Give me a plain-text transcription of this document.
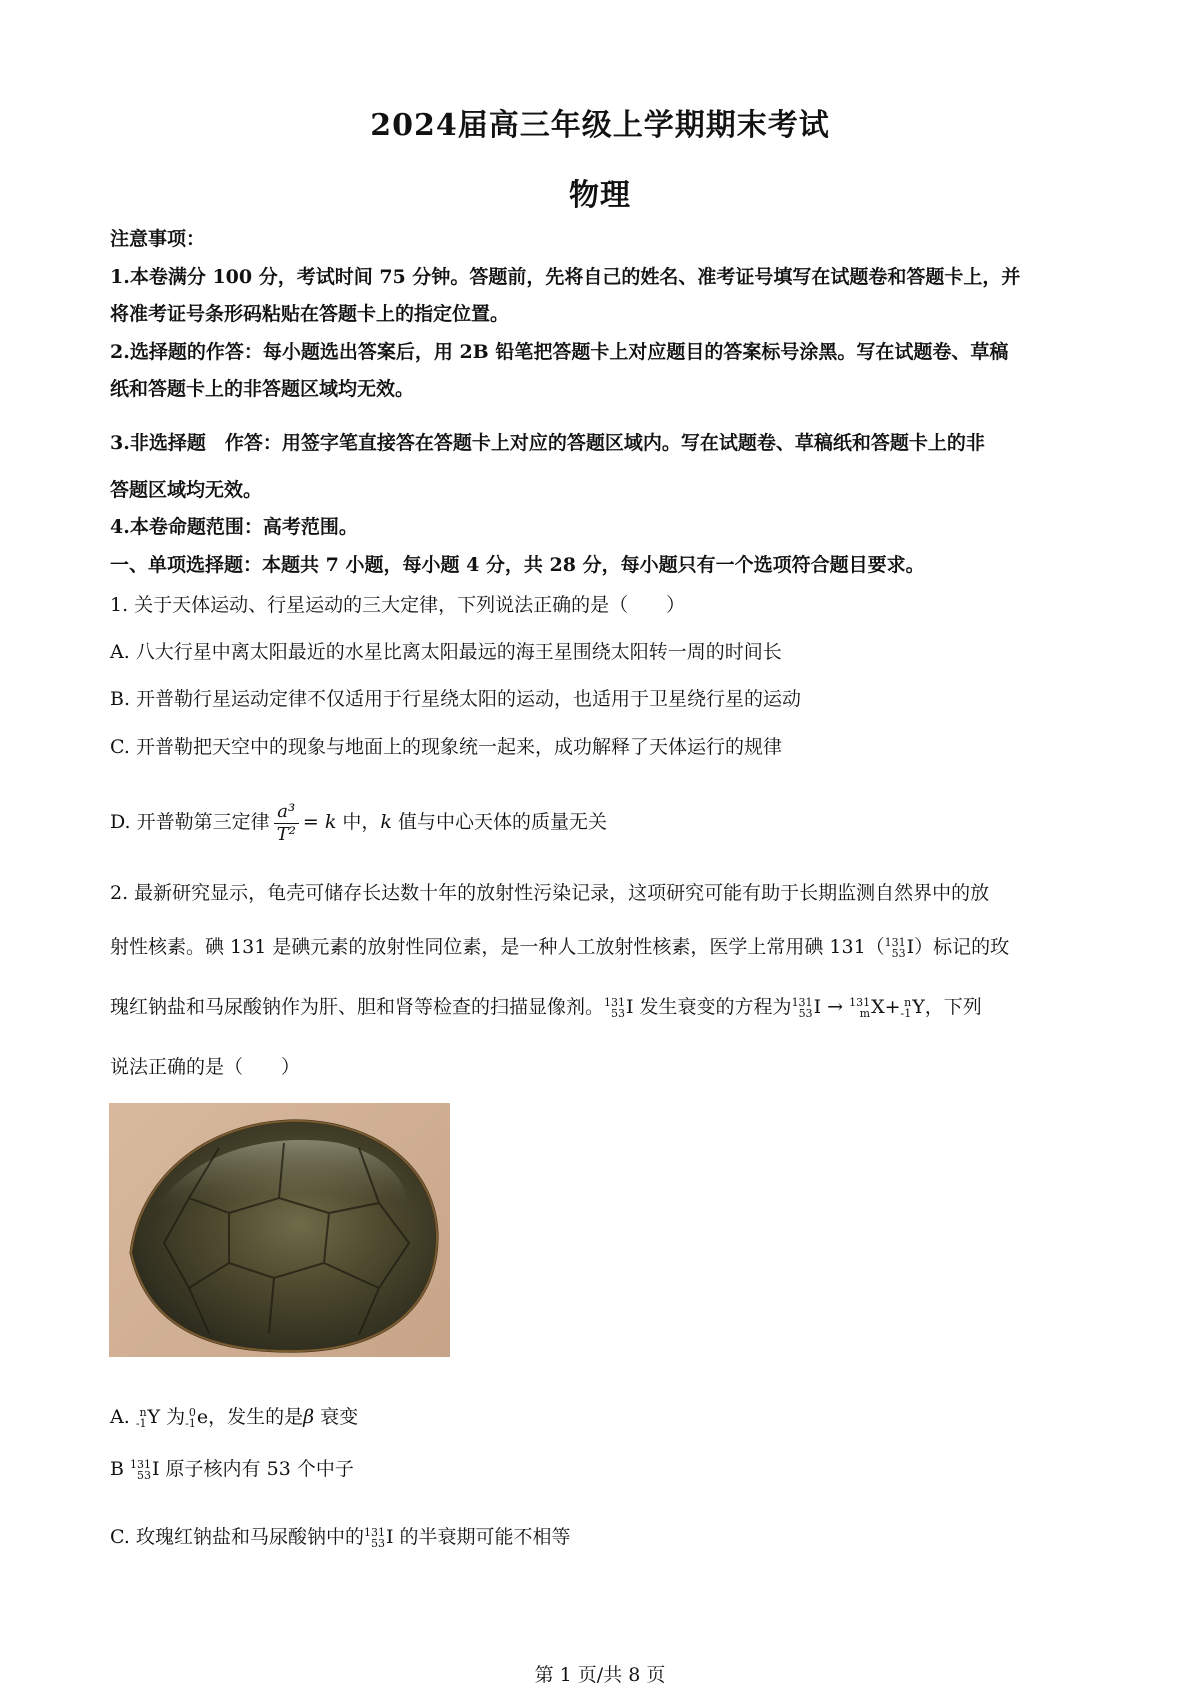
2024届高三年级上学期期末考试
物理
注意事项：
1.本卷满分 100 分，考试时间 75 分钟。答题前，先将自己的姓名、准考证号填写在试题卷和答题卡上，并
将准考证号条形码粘贴在答题卡上的指定位置。
2.选择题的作答：每小题选出答案后，用 2B 铅笔把答题卡上对应题目的答案标号涂黑。写在试题卷、草稿
纸和答题卡上的非答题区域均无效。
3.非选择题　作答：用签字笔直接答在答题卡上对应的答题区域内。写在试题卷、草稿纸和答题卡上的非
答题区域均无效。
4.本卷命题范围：高考范围。
一、单项选择题：本题共 7 小题，每小题 4 分，共 28 分，每小题只有一个选项符合题目要求。
1. 关于天体运动、行星运动的三大定律，下列说法正确的是（　　）
A. 八大行星中离太阳最近的水星比离太阳最远的海王星围绕太阳转一周的时间长
B. 开普勒行星运动定律不仅适用于行星绕太阳的运动，也适用于卫星绕行星的运动
C. 开普勒把天空中的现象与地面上的现象统一起来，成功解释了天体运行的规律
D. 开普勒第三定律 $\frac{\text{a³}}{\text{T²}} = k$ 中，k 值与中心天体的质量无关
2. 最新研究显示，龟壳可储存长达数十年的放射性污染记录，这项研究可能有助于长期监测自然界中的放
射性核素。碘 131 是碘元素的放射性同位素，是一种人工放射性核素，医学上常用碘 131（ 131
53 I）标记的玫
瑰红钠盐和马尿酸钠作为肝、胆和肾等检查的扫描显像剂。 131
53 I 发生衰变的方程为 131
53 I → 131
m X+ n
-1 Y，下列
说法正确的是（　　）
A. n
-1 Y 为 0
-1 e，发生的是β 衰变
B 131
53 I 原子核内有 53 个中子
C. 玫瑰红钠盐和马尿酸钠中的 131
53 I 的半衰期可能不相等
第 1 页/共 8 页
